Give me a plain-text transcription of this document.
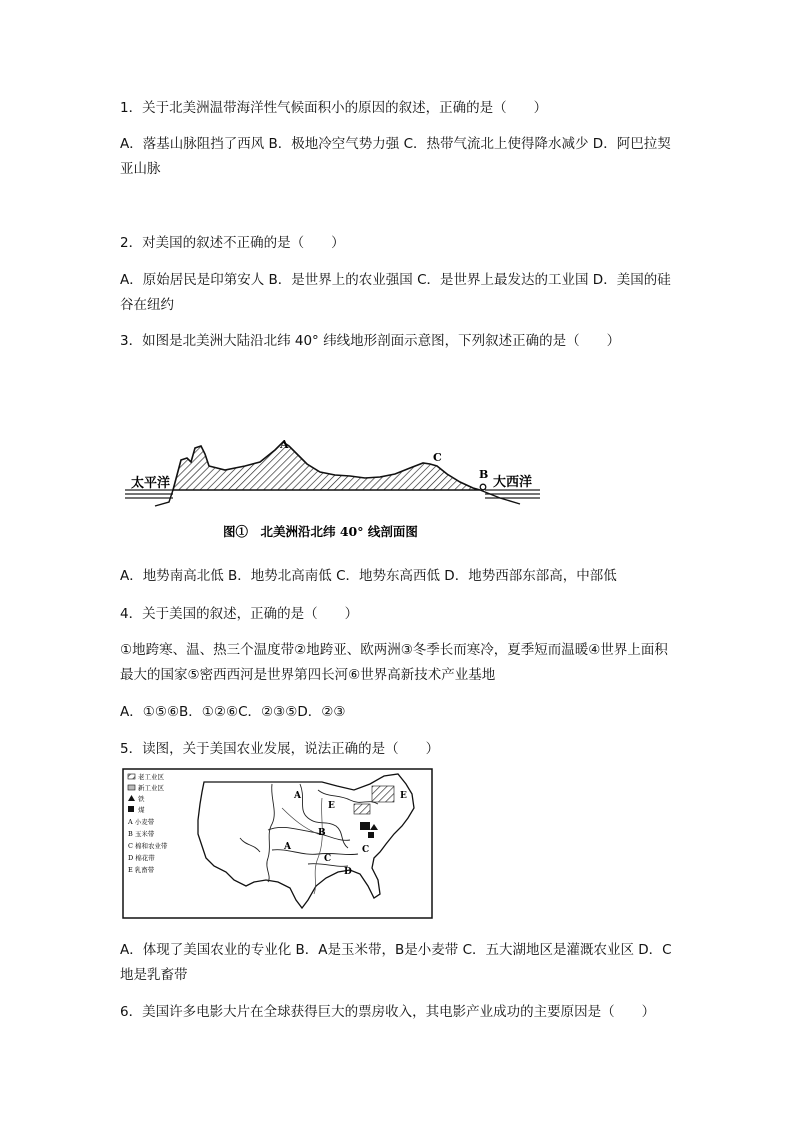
1．关于北美洲温带海洋性气候面积小的原因的叙述，正确的是（　　）

A．落基山脉阻挡了西风 B．极地冷空气势力强 C．热带气流北上使得降水减少 D．阿巴拉契亚山脉

2．对美国的叙述不正确的是（　　）

A．原始居民是印第安人 B．是世界上的农业强国 C．是世界上最发达的工业国 D．美国的硅谷在纽约

3．如图是北美洲大陆沿北纬 40° 纬线地形剖面示意图，下列叙述正确的是（　　）

太平洋	大西洋
A
C
B
图①　北美洲沿北纬 40° 线剖面图

A．地势南高北低 B．地势北高南低 C．地势东高西低 D．地势西部东部高，中部低

4．关于美国的叙述，正确的是（　　）

①地跨寒、温、热三个温度带②地跨亚、欧两洲③冬季长而寒冷，夏季短而温暖④世界上面积最大的国家⑤密西西河是世界第四长河⑥世界高新技术产业基地

A．①⑤⑥B．①②⑥C．②③⑤D．②③

5．读图，关于美国农业发展，说法正确的是（　　）

老工业区
新工业区
铁
煤
A 小麦带
B 玉米带
C 棉和农业带
D 棉花带
E 乳畜带
A
A
B
C
C
D
E
E

A．体现了美国农业的专业化 B．A是玉米带，B是小麦带 C．五大湖地区是灌溉农业区 D．C地是乳畜带

6．美国许多电影大片在全球获得巨大的票房收入，其电影产业成功的主要原因是（　　）
